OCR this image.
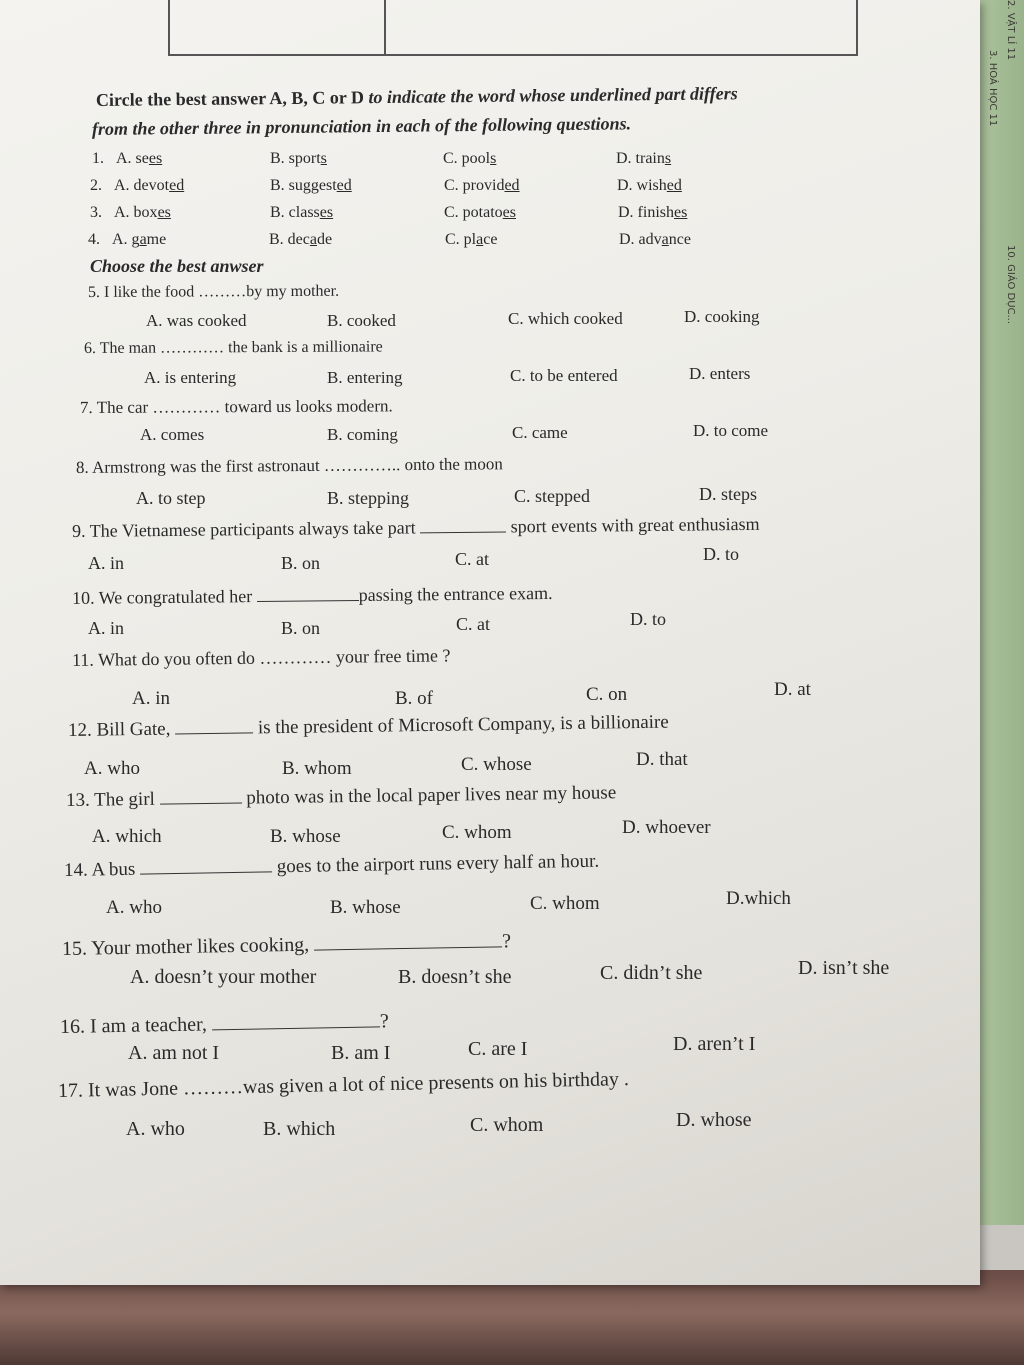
2. VẬT LÍ 11
3. HOÁ HỌC 11
10. GIÁO DỤC...
Circle the best answer A, B, C or D to indicate the word whose underlined part differs
from the other three in pronunciation in each of the following questions.
1. A. sees	B. sports	C. pools	D. trains
2. A. devoted	B. suggested	C. provided	D. wished
3. A. boxes	B. classes	C. potatoes	D. finishes
4. A. game	B. decade	C. place	D. advance
Choose the best anwser
5. I like the food ………by my mother.
A. was cooked	B. cooked	C. which cooked	D. cooking
6. The man ………… the bank is a millionaire
A. is entering	B. entering	C. to be entered	D. enters
7. The car ………… toward us looks modern.
A. comes	B. coming	C. came	D. to come
8. Armstrong was the first astronaut ………….. onto the moon
A. to step	B. stepping	C. stepped	D. steps
9. The Vietnamese participants always take part	sport events with great enthusiasm
A. in	B. on	C. at	D. to
10. We congratulated her	passing the entrance exam.
A. in	B. on	C. at	D. to
11. What do you often do ………… your free time ?
A. in	B. of	C. on	D. at
12. Bill Gate,	is the president of Microsoft Company, is a billionaire
A. who	B. whom	C. whose	D. that
13. The girl	photo was in the local paper lives near my house
A. which	B. whose	C. whom	D. whoever
14. A bus	goes to the airport runs every half an hour.
A. who	B. whose	C. whom	D.which
15. Your mother likes cooking,	?
A. doesn’t your mother	B. doesn’t she	C. didn’t she	D. isn’t she
16. I am a teacher,	?
A. am not I	B. am I	C. are I	D. aren’t I
17. It was Jone ………was given a lot of nice presents on his birthday .
A. who	B. which	C. whom	D. whose
